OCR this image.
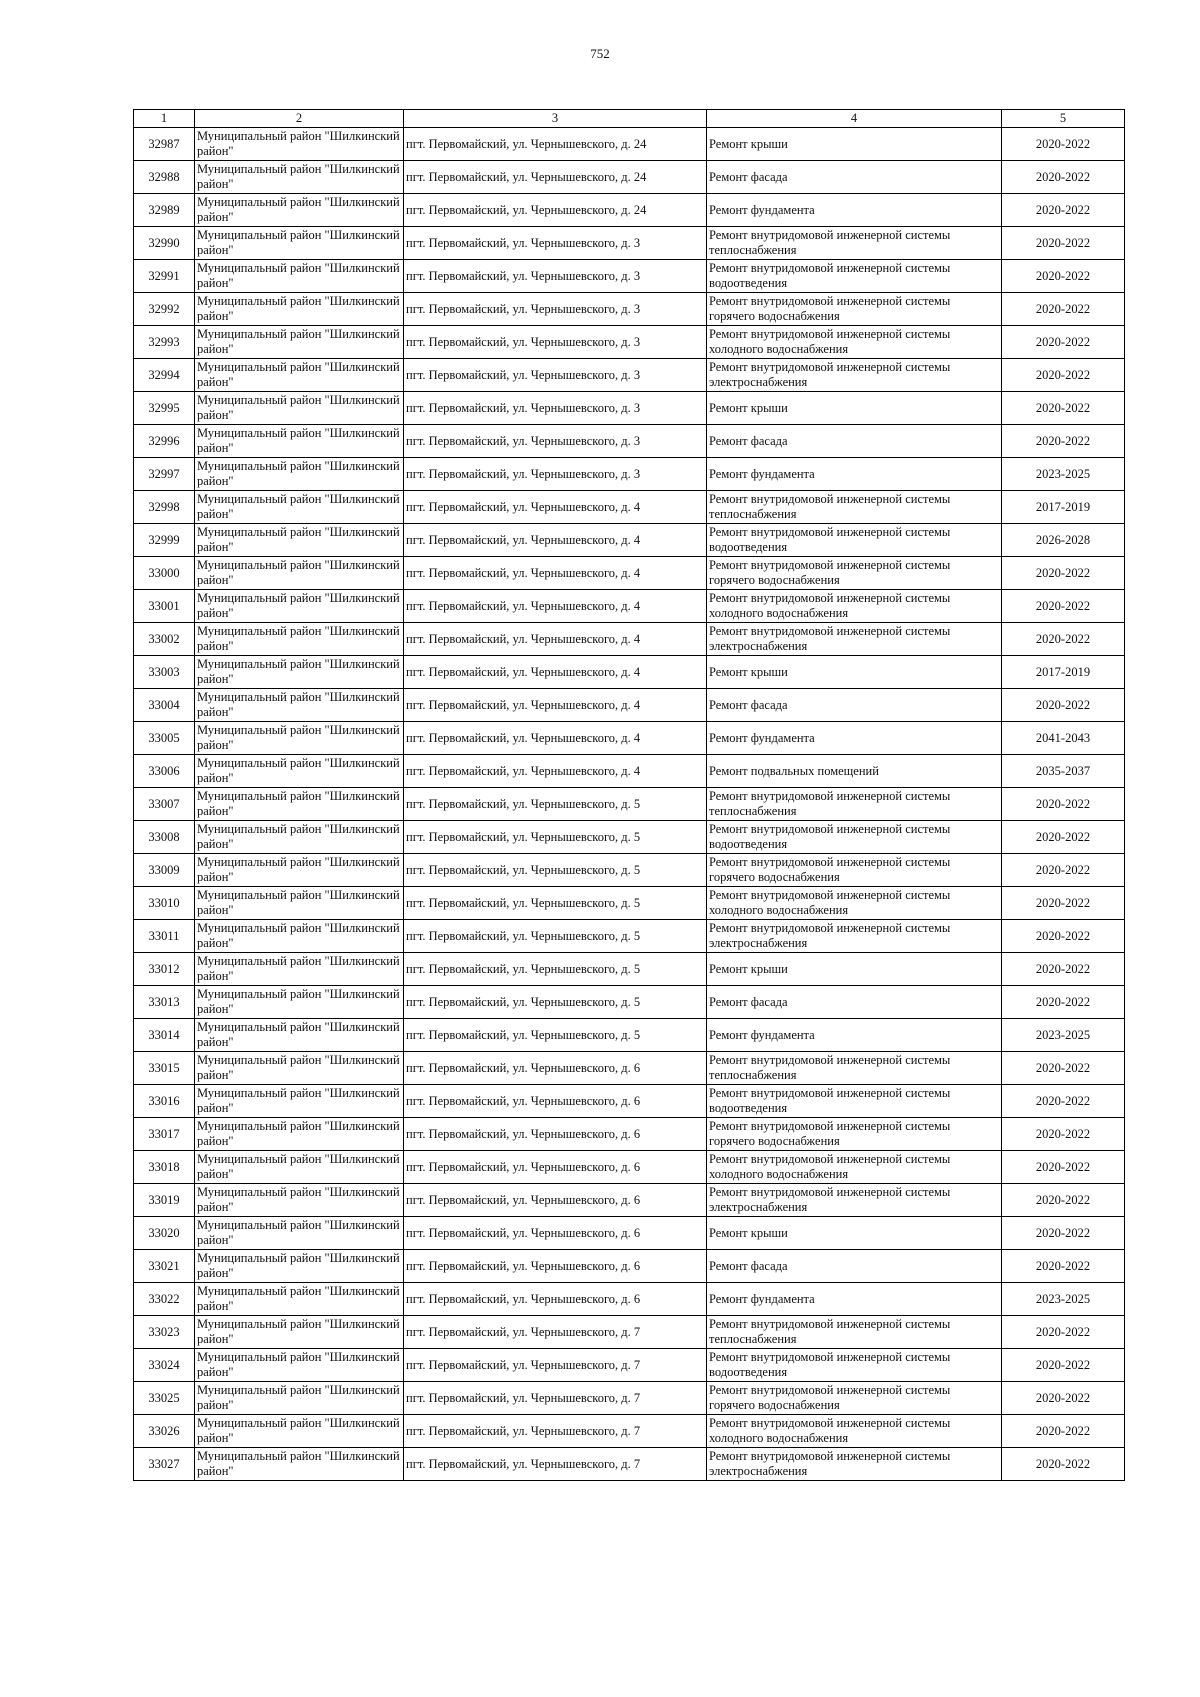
752
1	2	3	4	5
32987	Муниципальный район "Шилкинский район"	пгт. Первомайский, ул. Чернышевского, д. 24	Ремонт крыши	2020-2022
32988	Муниципальный район "Шилкинский район"	пгт. Первомайский, ул. Чернышевского, д. 24	Ремонт фасада	2020-2022
32989	Муниципальный район "Шилкинский район"	пгт. Первомайский, ул. Чернышевского, д. 24	Ремонт фундамента	2020-2022
32990	Муниципальный район "Шилкинский район"	пгт. Первомайский, ул. Чернышевского, д. 3	Ремонт внутридомовой инженерной системы теплоснабжения	2020-2022
32991	Муниципальный район "Шилкинский район"	пгт. Первомайский, ул. Чернышевского, д. 3	Ремонт внутридомовой инженерной системы водоотведения	2020-2022
32992	Муниципальный район "Шилкинский район"	пгт. Первомайский, ул. Чернышевского, д. 3	Ремонт внутридомовой инженерной системы горячего водоснабжения	2020-2022
32993	Муниципальный район "Шилкинский район"	пгт. Первомайский, ул. Чернышевского, д. 3	Ремонт внутридомовой инженерной системы холодного водоснабжения	2020-2022
32994	Муниципальный район "Шилкинский район"	пгт. Первомайский, ул. Чернышевского, д. 3	Ремонт внутридомовой инженерной системы электроснабжения	2020-2022
32995	Муниципальный район "Шилкинский район"	пгт. Первомайский, ул. Чернышевского, д. 3	Ремонт крыши	2020-2022
32996	Муниципальный район "Шилкинский район"	пгт. Первомайский, ул. Чернышевского, д. 3	Ремонт фасада	2020-2022
32997	Муниципальный район "Шилкинский район"	пгт. Первомайский, ул. Чернышевского, д. 3	Ремонт фундамента	2023-2025
32998	Муниципальный район "Шилкинский район"	пгт. Первомайский, ул. Чернышевского, д. 4	Ремонт внутридомовой инженерной системы теплоснабжения	2017-2019
32999	Муниципальный район "Шилкинский район"	пгт. Первомайский, ул. Чернышевского, д. 4	Ремонт внутридомовой инженерной системы водоотведения	2026-2028
33000	Муниципальный район "Шилкинский район"	пгт. Первомайский, ул. Чернышевского, д. 4	Ремонт внутридомовой инженерной системы горячего водоснабжения	2020-2022
33001	Муниципальный район "Шилкинский район"	пгт. Первомайский, ул. Чернышевского, д. 4	Ремонт внутридомовой инженерной системы холодного водоснабжения	2020-2022
33002	Муниципальный район "Шилкинский район"	пгт. Первомайский, ул. Чернышевского, д. 4	Ремонт внутридомовой инженерной системы электроснабжения	2020-2022
33003	Муниципальный район "Шилкинский район"	пгт. Первомайский, ул. Чернышевского, д. 4	Ремонт крыши	2017-2019
33004	Муниципальный район "Шилкинский район"	пгт. Первомайский, ул. Чернышевского, д. 4	Ремонт фасада	2020-2022
33005	Муниципальный район "Шилкинский район"	пгт. Первомайский, ул. Чернышевского, д. 4	Ремонт фундамента	2041-2043
33006	Муниципальный район "Шилкинский район"	пгт. Первомайский, ул. Чернышевского, д. 4	Ремонт подвальных помещений	2035-2037
33007	Муниципальный район "Шилкинский район"	пгт. Первомайский, ул. Чернышевского, д. 5	Ремонт внутридомовой инженерной системы теплоснабжения	2020-2022
33008	Муниципальный район "Шилкинский район"	пгт. Первомайский, ул. Чернышевского, д. 5	Ремонт внутридомовой инженерной системы водоотведения	2020-2022
33009	Муниципальный район "Шилкинский район"	пгт. Первомайский, ул. Чернышевского, д. 5	Ремонт внутридомовой инженерной системы горячего водоснабжения	2020-2022
33010	Муниципальный район "Шилкинский район"	пгт. Первомайский, ул. Чернышевского, д. 5	Ремонт внутридомовой инженерной системы холодного водоснабжения	2020-2022
33011	Муниципальный район "Шилкинский район"	пгт. Первомайский, ул. Чернышевского, д. 5	Ремонт внутридомовой инженерной системы электроснабжения	2020-2022
33012	Муниципальный район "Шилкинский район"	пгт. Первомайский, ул. Чернышевского, д. 5	Ремонт крыши	2020-2022
33013	Муниципальный район "Шилкинский район"	пгт. Первомайский, ул. Чернышевского, д. 5	Ремонт фасада	2020-2022
33014	Муниципальный район "Шилкинский район"	пгт. Первомайский, ул. Чернышевского, д. 5	Ремонт фундамента	2023-2025
33015	Муниципальный район "Шилкинский район"	пгт. Первомайский, ул. Чернышевского, д. 6	Ремонт внутридомовой инженерной системы теплоснабжения	2020-2022
33016	Муниципальный район "Шилкинский район"	пгт. Первомайский, ул. Чернышевского, д. 6	Ремонт внутридомовой инженерной системы водоотведения	2020-2022
33017	Муниципальный район "Шилкинский район"	пгт. Первомайский, ул. Чернышевского, д. 6	Ремонт внутридомовой инженерной системы горячего водоснабжения	2020-2022
33018	Муниципальный район "Шилкинский район"	пгт. Первомайский, ул. Чернышевского, д. 6	Ремонт внутридомовой инженерной системы холодного водоснабжения	2020-2022
33019	Муниципальный район "Шилкинский район"	пгт. Первомайский, ул. Чернышевского, д. 6	Ремонт внутридомовой инженерной системы электроснабжения	2020-2022
33020	Муниципальный район "Шилкинский район"	пгт. Первомайский, ул. Чернышевского, д. 6	Ремонт крыши	2020-2022
33021	Муниципальный район "Шилкинский район"	пгт. Первомайский, ул. Чернышевского, д. 6	Ремонт фасада	2020-2022
33022	Муниципальный район "Шилкинский район"	пгт. Первомайский, ул. Чернышевского, д. 6	Ремонт фундамента	2023-2025
33023	Муниципальный район "Шилкинский район"	пгт. Первомайский, ул. Чернышевского, д. 7	Ремонт внутридомовой инженерной системы теплоснабжения	2020-2022
33024	Муниципальный район "Шилкинский район"	пгт. Первомайский, ул. Чернышевского, д. 7	Ремонт внутридомовой инженерной системы водоотведения	2020-2022
33025	Муниципальный район "Шилкинский район"	пгт. Первомайский, ул. Чернышевского, д. 7	Ремонт внутридомовой инженерной системы горячего водоснабжения	2020-2022
33026	Муниципальный район "Шилкинский район"	пгт. Первомайский, ул. Чернышевского, д. 7	Ремонт внутридомовой инженерной системы холодного водоснабжения	2020-2022
33027	Муниципальный район "Шилкинский район"	пгт. Первомайский, ул. Чернышевского, д. 7	Ремонт внутридомовой инженерной системы электроснабжения	2020-2022
